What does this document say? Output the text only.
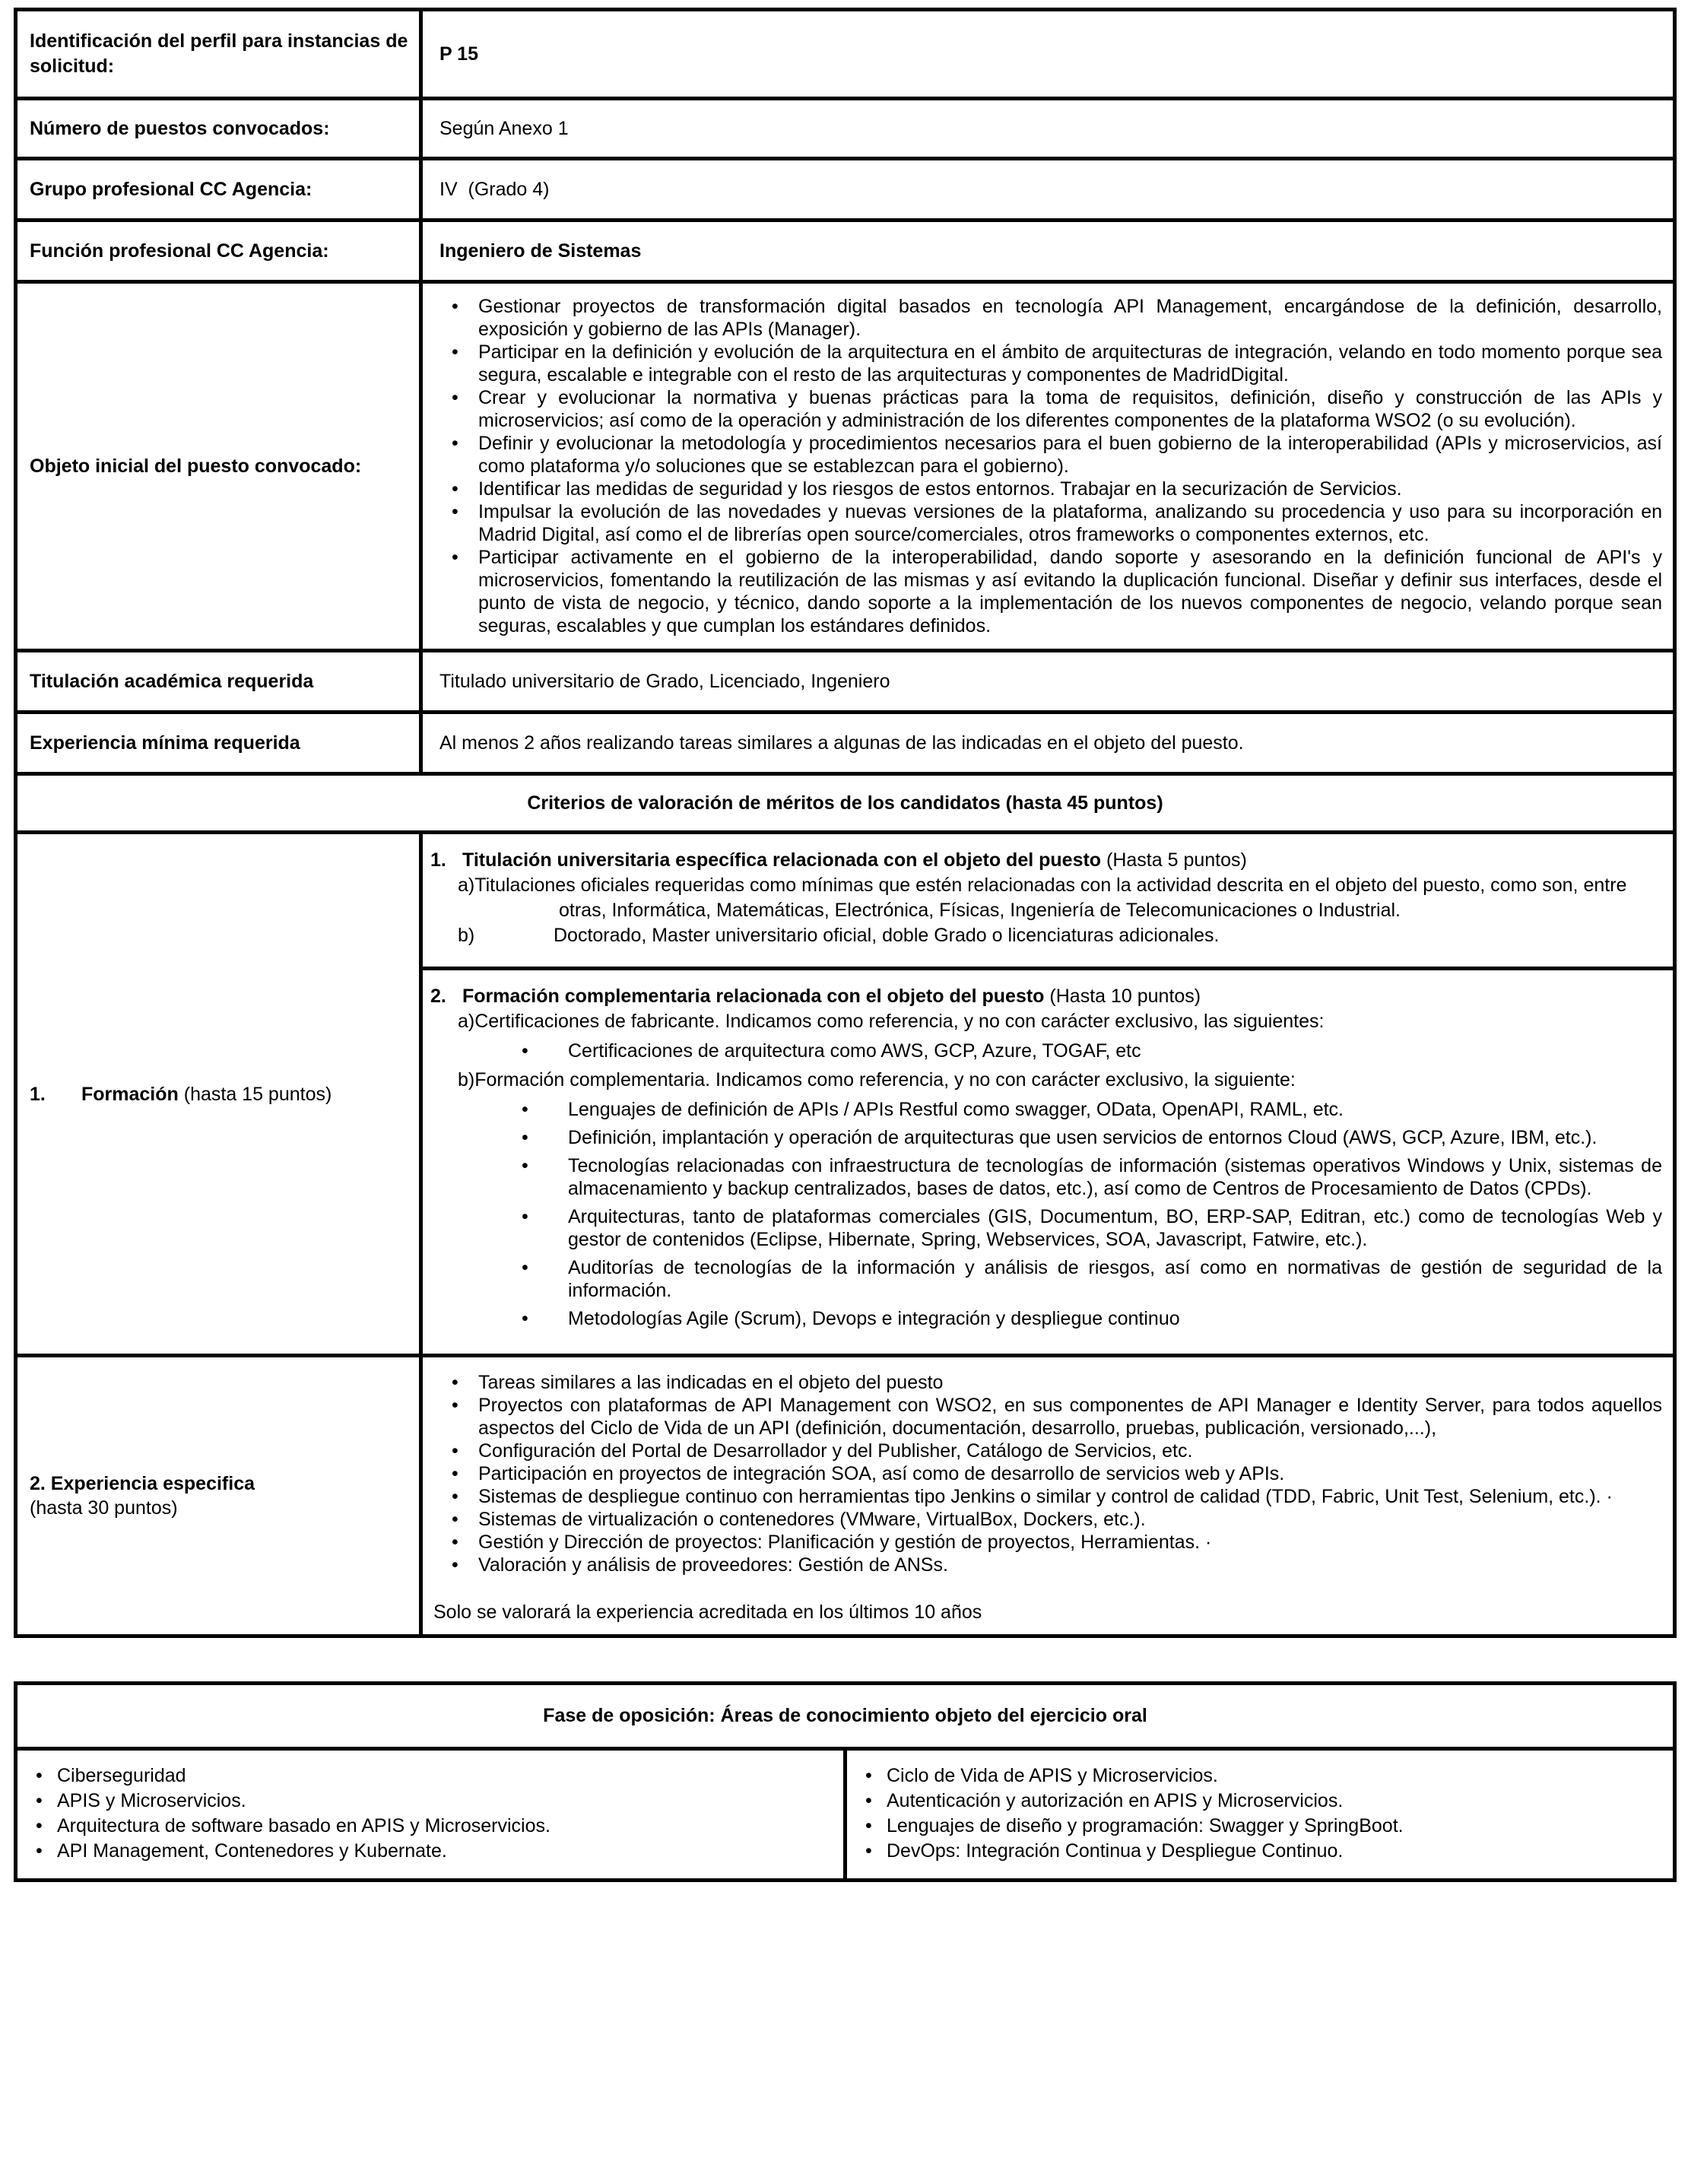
Identificación del perfil para instancias de solicitud:	P 15
Número de puestos convocados:	Según Anexo 1
Grupo profesional CC Agencia:	IV  (Grado 4)
Función profesional CC Agencia:	Ingeniero de Sistemas
Objeto inicial del puesto convocado:	
• Gestionar proyectos de transformación digital basados en tecnología API Management, encargándose de la definición, desarrollo, exposición y gobierno de las APIs (Manager).
• Participar en la definición y evolución de la arquitectura en el ámbito de arquitecturas de integración, velando en todo momento porque sea segura, escalable e integrable con el resto de las arquitecturas y componentes de MadridDigital.
• Crear y evolucionar la normativa y buenas prácticas para la toma de requisitos, definición, diseño y construcción de las APIs y microservicios; así como de la operación y administración de los diferentes componentes de la plataforma WSO2 (o su evolución).
• Definir y evolucionar la metodología y procedimientos necesarios para el buen gobierno de la interoperabilidad (APIs y microservicios, así como plataforma y/o soluciones que se establezcan para el gobierno).
• Identificar las medidas de seguridad y los riesgos de estos entornos. Trabajar en la securización de Servicios.
• Impulsar la evolución de las novedades y nuevas versiones de la plataforma, analizando su procedencia y uso para su incorporación en Madrid Digital, así como el de librerías open source/comerciales, otros frameworks o componentes externos, etc.
• Participar activamente en el gobierno de la interoperabilidad, dando soporte y asesorando en la definición funcional de API's y microservicios, fomentando la reutilización de las mismas y así evitando la duplicación funcional. Diseñar y definir sus interfaces, desde el punto de vista de negocio, y técnico, dando soporte a la implementación de los nuevos componentes de negocio, velando porque sean seguras, escalables y que cumplan los estándares definidos.

Titulación académica requerida	Titulado universitario de Grado, Licenciado, Ingeniero
Experiencia mínima requerida	Al menos 2 años realizando tareas similares a algunas de las indicadas en el objeto del puesto.
Criterios de valoración de méritos de los candidatos (hasta 45 puntos)	

1.	Formación (hasta 15 puntos)

1. Titulación universitaria específica relacionada con el objeto del puesto (Hasta 5 puntos)
a)Titulaciones oficiales requeridas como mínimas que estén relacionadas con la actividad descrita en el objeto del puesto, como son, entre
otras, Informática, Matemáticas, Electrónica, Físicas, Ingeniería de Telecomunicaciones o Industrial.
b)	Doctorado, Master universitario oficial, doble Grado o licenciaturas adicionales.
2. Formación complementaria relacionada con el objeto del puesto (Hasta 10 puntos)
a)Certificaciones de fabricante. Indicamos como referencia, y no con carácter exclusivo, las siguientes:
• Certificaciones de arquitectura como AWS, GCP, Azure, TOGAF, etc
b)Formación complementaria. Indicamos como referencia, y no con carácter exclusivo, la siguiente:
• Lenguajes de definición de APIs / APIs Restful como swagger, OData, OpenAPI, RAML, etc.
• Definición, implantación y operación de arquitecturas que usen servicios de entornos Cloud (AWS, GCP, Azure, IBM, etc.).
• Tecnologías relacionadas con infraestructura de tecnologías de información (sistemas operativos Windows y Unix, sistemas de almacenamiento y backup centralizados, bases de datos, etc.), así como de Centros de Procesamiento de Datos (CPDs).
• Arquitecturas, tanto de plataformas comerciales (GIS, Documentum, BO, ERP-SAP, Editran, etc.) como de tecnologías Web y gestor de contenidos (Eclipse, Hibernate, Spring, Webservices, SOA, Javascript, Fatwire, etc.).
• Auditorías de tecnologías de la información y análisis de riesgos, así como en normativas de gestión de seguridad de la información.
• Metodologías Agile (Scrum), Devops e integración y despliegue continuo

2. Experiencia especifica
(hasta 30 puntos)

• Tareas similares a las indicadas en el objeto del puesto
• Proyectos con plataformas de API Management con WSO2, en sus componentes de API Manager e Identity Server, para todos aquellos aspectos del Ciclo de Vida de un API (definición, documentación, desarrollo, pruebas, publicación, versionado,...),
• Configuración del Portal de Desarrollador y del Publisher, Catálogo de Servicios, etc.
• Participación en proyectos de integración SOA, así como de desarrollo de servicios web y APIs.
• Sistemas de despliegue continuo con herramientas tipo Jenkins o similar y control de calidad (TDD, Fabric, Unit Test, Selenium, etc.). ·
• Sistemas de virtualización o contenedores (VMware, VirtualBox, Dockers, etc.).
• Gestión y Dirección de proyectos: Planificación y gestión de proyectos, Herramientas. ·
• Valoración y análisis de proveedores: Gestión de ANSs.
Solo se valorará la experiencia acreditada en los últimos 10 años
Fase de oposición: Áreas de conocimiento objeto del ejercicio oral

• Ciberseguridad
• APIS y Microservicios.
• Arquitectura de software basado en APIS y Microservicios.
• API Management, Contenedores y Kubernate.

• Ciclo de Vida de APIS y Microservicios.
• Autenticación y autorización en APIS y Microservicios.
• Lenguajes de diseño y programación: Swagger y SpringBoot.
• DevOps: Integración Continua y Despliegue Continuo.
